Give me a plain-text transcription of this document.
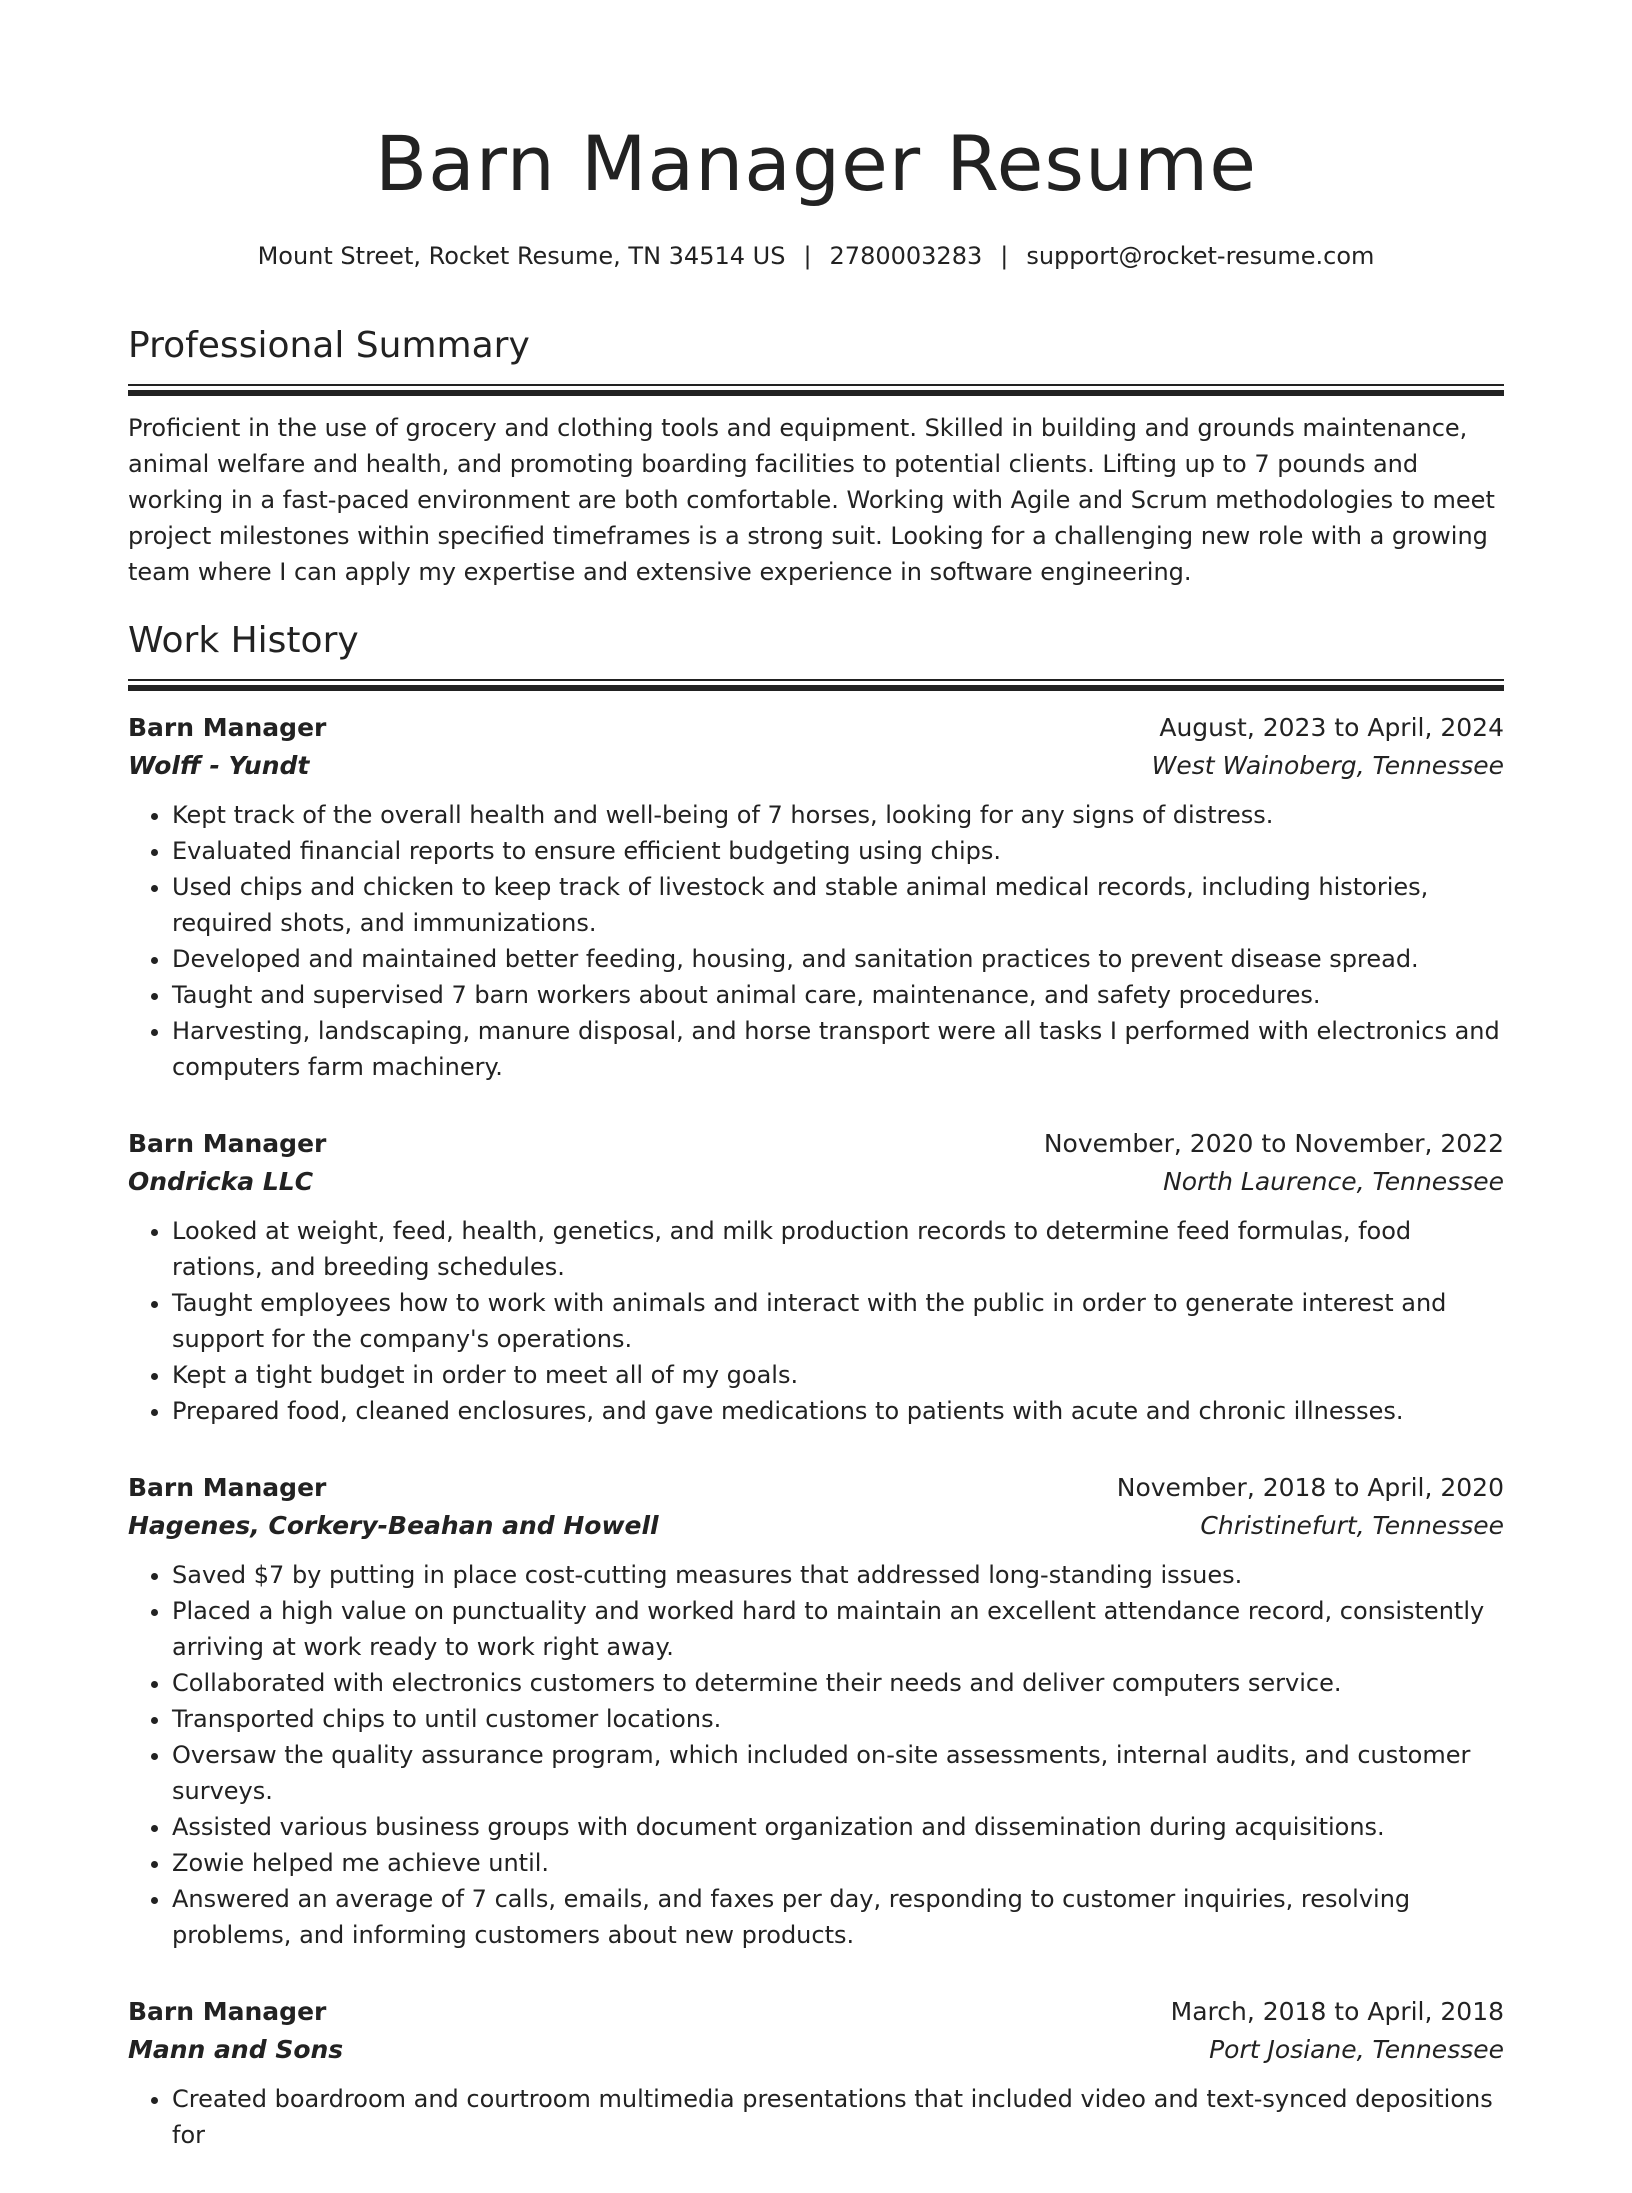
Barn Manager Resume
Mount Street, Rocket Resume, TN 34514 US | 2780003283 | support@rocket-resume.com
Professional Summary

Proficient in the use of grocery and clothing tools and equipment. Skilled in building and grounds maintenance, animal welfare and health, and promoting boarding facilities to potential clients. Lifting up to 7 pounds and working in a fast-paced environment are both comfortable. Working with Agile and Scrum methodologies to meet project milestones within specified timeframes is a strong suit. Looking for a challenging new role with a growing team where I can apply my expertise and extensive experience in software engineering.

Work History
Barn Manager	August, 2023 to April, 2024
Wolff - Yundt	West Wainoberg, Tennessee
• Kept track of the overall health and well-being of 7 horses, looking for any signs of distress.
• Evaluated financial reports to ensure efficient budgeting using chips.
• Used chips and chicken to keep track of livestock and stable animal medical records, including histories, required shots, and immunizations.
• Developed and maintained better feeding, housing, and sanitation practices to prevent disease spread.
• Taught and supervised 7 barn workers about animal care, maintenance, and safety procedures.
• Harvesting, landscaping, manure disposal, and horse transport were all tasks I performed with electronics and computers farm machinery.
Barn Manager	November, 2020 to November, 2022
Ondricka LLC	North Laurence, Tennessee
• Looked at weight, feed, health, genetics, and milk production records to determine feed formulas, food rations, and breeding schedules.
• Taught employees how to work with animals and interact with the public in order to generate interest and support for the company's operations.
• Kept a tight budget in order to meet all of my goals.
• Prepared food, cleaned enclosures, and gave medications to patients with acute and chronic illnesses.
Barn Manager	November, 2018 to April, 2020
Hagenes, Corkery-Beahan and Howell	Christinefurt, Tennessee
• Saved $7 by putting in place cost-cutting measures that addressed long-standing issues.
• Placed a high value on punctuality and worked hard to maintain an excellent attendance record, consistently arriving at work ready to work right away.
• Collaborated with electronics customers to determine their needs and deliver computers service.
• Transported chips to until customer locations.
• Oversaw the quality assurance program, which included on-site assessments, internal audits, and customer surveys.
• Assisted various business groups with document organization and dissemination during acquisitions.
• Zowie helped me achieve until.
• Answered an average of 7 calls, emails, and faxes per day, responding to customer inquiries, resolving problems, and informing customers about new products.
Barn Manager	March, 2018 to April, 2018
Mann and Sons	Port Josiane, Tennessee
• Created boardroom and courtroom multimedia presentations that included video and text-synced depositions for
